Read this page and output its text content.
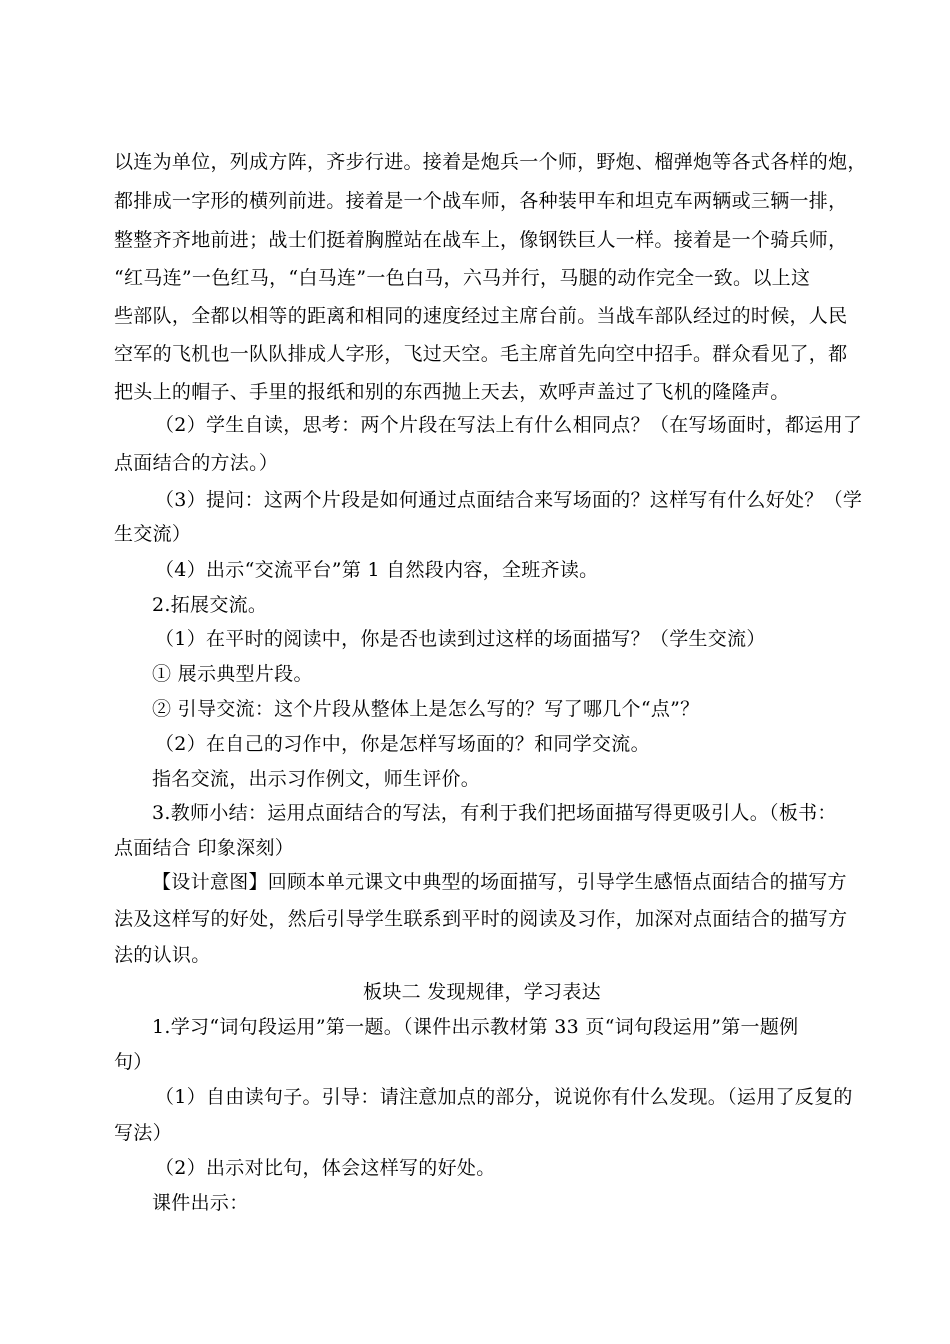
以连为单位，列成方阵，齐步行进。接着是炮兵一个师，野炮、榴弹炮等各式各样的炮，
都排成一字形的横列前进。接着是一个战车师，各种装甲车和坦克车两辆或三辆一排，
整整齐齐地前进；战士们挺着胸膛站在战车上，像钢铁巨人一样。接着是一个骑兵师，
“红马连”一色红马，“白马连”一色白马，六马并行，马腿的动作完全一致。以上这
些部队，全都以相等的距离和相同的速度经过主席台前。当战车部队经过的时候，人民
空军的飞机也一队队排成人字形，飞过天空。毛主席首先向空中招手。群众看见了，都
把头上的帽子、手里的报纸和别的东西抛上天去，欢呼声盖过了飞机的隆隆声。
（2）学生自读，思考：两个片段在写法上有什么相同点？（在写场面时，都运用了
点面结合的方法。）
（3）提问：这两个片段是如何通过点面结合来写场面的？这样写有什么好处？（学
生交流）
（4）出示“交流平台”第 1 自然段内容，全班齐读。
2.拓展交流。
（1）在平时的阅读中，你是否也读到过这样的场面描写？（学生交流）
① 展示典型片段。
② 引导交流：这个片段从整体上是怎么写的？写了哪几个“点”？
（2）在自己的习作中，你是怎样写场面的？和同学交流。
指名交流，出示习作例文，师生评价。
3.教师小结：运用点面结合的写法，有利于我们把场面描写得更吸引人。（板书：
点面结合 印象深刻）
【设计意图】回顾本单元课文中典型的场面描写，引导学生感悟点面结合的描写方
法及这样写的好处，然后引导学生联系到平时的阅读及习作，加深对点面结合的描写方
法的认识。
板块二 发现规律，学习表达
1.学习“词句段运用”第一题。（课件出示教材第 33 页“词句段运用”第一题例
句）
（1）自由读句子。引导：请注意加点的部分，说说你有什么发现。（运用了反复的
写法）
（2）出示对比句，体会这样写的好处。
课件出示：
